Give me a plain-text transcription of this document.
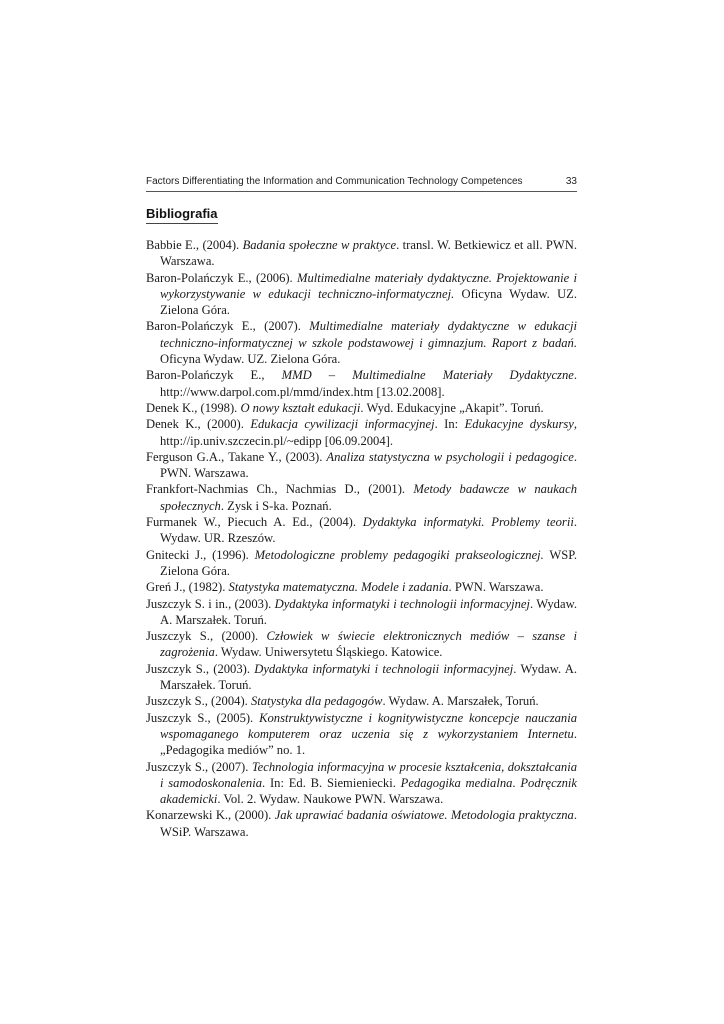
Factors Differentiating the Information and Communication Technology Competences	33
Bibliografia

Babbie E., (2004). Badania społeczne w praktyce. transl. W. Betkiewicz et all. PWN. Warszawa.

Baron-Polańczyk E., (2006). Multimedialne materiały dydaktyczne. Projektowanie i wykorzystywanie w edukacji techniczno-informatycznej. Oficyna Wydaw. UZ. Zielona Góra.

Baron-Polańczyk E., (2007). Multimedialne materiały dydaktyczne w edukacji techniczno-informatycznej w szkole podstawowej i gimnazjum. Raport z badań. Oficyna Wydaw. UZ. Zielona Góra.

Baron-Polańczyk E., MMD – Multimedialne Materiały Dydaktyczne. http://www.darpol.com.pl/mmd/index.htm [13.02.2008].

Denek K., (1998). O nowy kształt edukacji. Wyd. Edukacyjne „Akapit”. Toruń.

Denek K., (2000). Edukacja cywilizacji informacyjnej. In: Edukacyjne dyskursy, http://ip.univ.szczecin.pl/~edipp [06.09.2004].

Ferguson G.A., Takane Y., (2003). Analiza statystyczna w psychologii i pedagogice. PWN. Warszawa.

Frankfort-Nachmias Ch., Nachmias D., (2001). Metody badawcze w naukach społecznych. Zysk i S-ka. Poznań.

Furmanek W., Piecuch A. Ed., (2004). Dydaktyka informatyki. Problemy teorii. Wydaw. UR. Rzeszów.

Gnitecki J., (1996). Metodologiczne problemy pedagogiki prakseologicznej. WSP. Zielona Góra.

Greń J., (1982). Statystyka matematyczna. Modele i zadania. PWN. Warszawa.

Juszczyk S. i in., (2003). Dydaktyka informatyki i technologii informacyjnej. Wydaw. A. Marszałek. Toruń.

Juszczyk S., (2000). Człowiek w świecie elektronicznych mediów – szanse i zagrożenia. Wydaw. Uniwersytetu Śląskiego. Katowice.

Juszczyk S., (2003). Dydaktyka informatyki i technologii informacyjnej. Wydaw. A. Marszałek. Toruń.

Juszczyk S., (2004). Statystyka dla pedagogów. Wydaw. A. Marszałek, Toruń.

Juszczyk S., (2005). Konstruktywistyczne i kognitywistyczne koncepcje nauczania wspomaganego komputerem oraz uczenia się z wykorzystaniem Internetu. „Pedagogika mediów” no. 1.

Juszczyk S., (2007). Technologia informacyjna w procesie kształcenia, dokształcania i samodoskonalenia. In: Ed. B. Siemieniecki. Pedagogika medialna. Podręcznik akademicki. Vol. 2. Wydaw. Naukowe PWN. Warszawa.

Konarzewski K., (2000). Jak uprawiać badania oświatowe. Metodologia praktyczna. WSiP. Warszawa.
